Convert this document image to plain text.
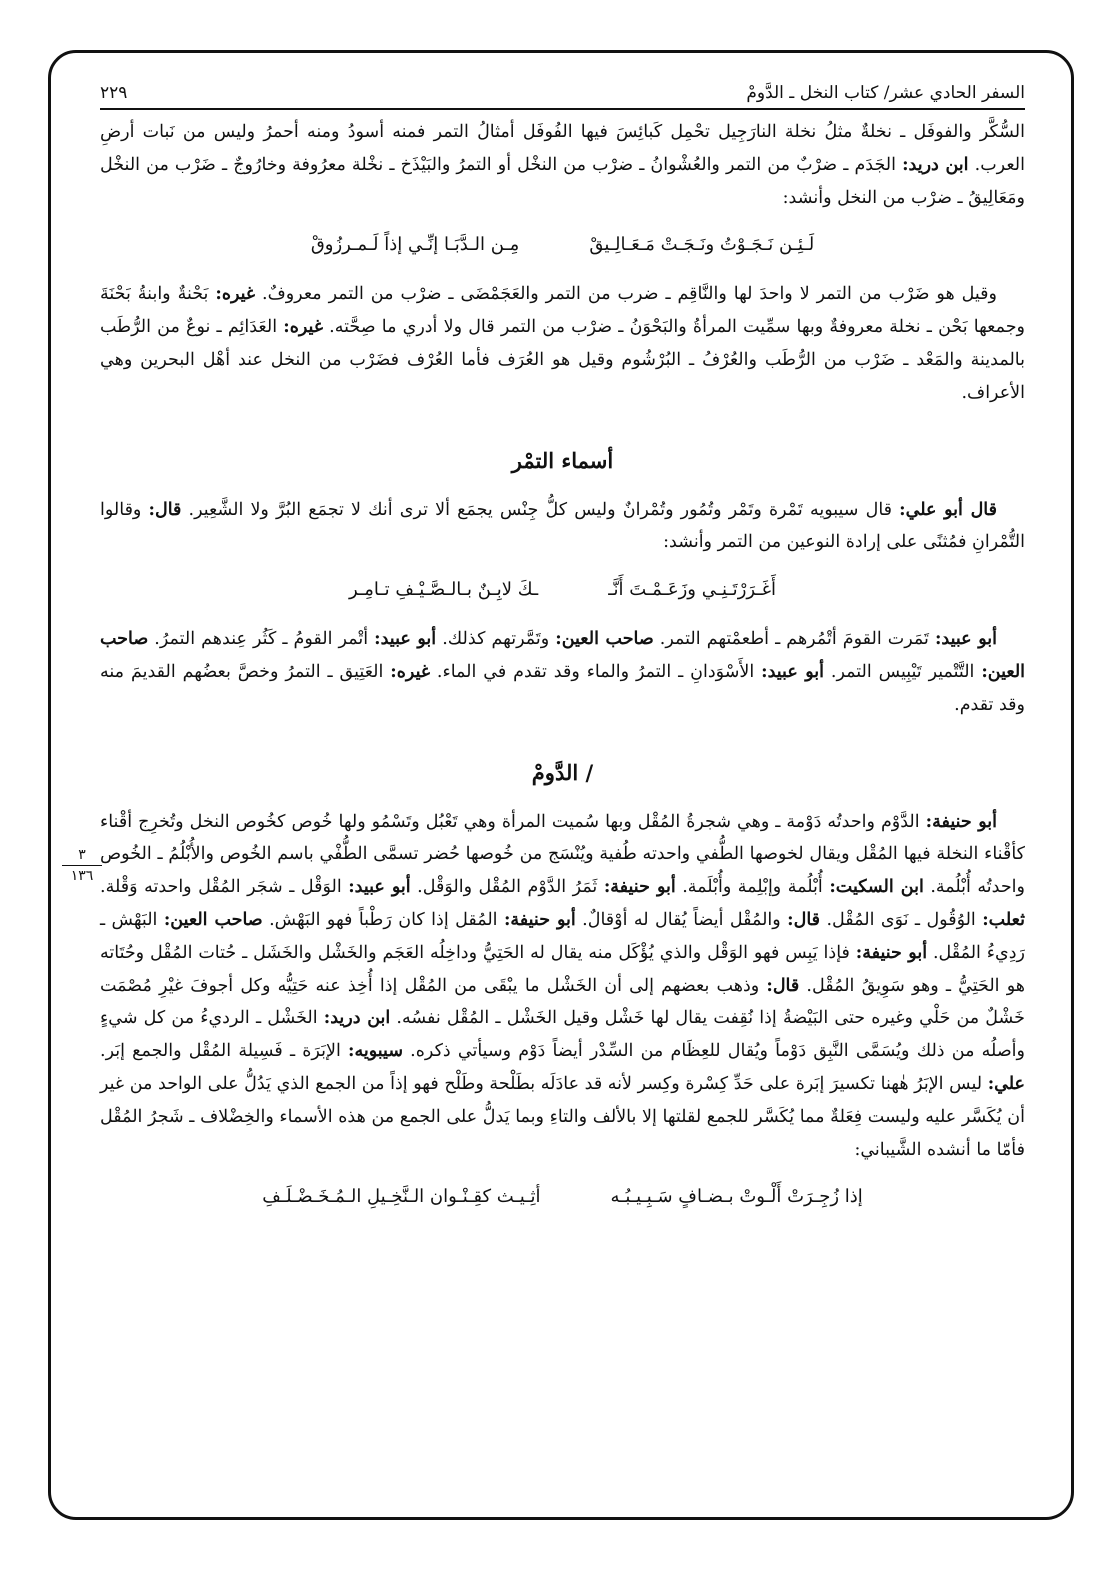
٣
١٣٦
السفر الحادي عشر/ كتاب النخل ـ الدَّومْ
٢٢٩

السُّكَّر والفوفَل ـ نخلةٌ مثلُ نخلة النارَجِيل تحْمِل كَبائِسَ فيها الفُوفَل أمثالُ التمر فمنه أسودُ ومنه أحمرُ وليس من نَبات أرضِ العرب. ابن دريد: الجَدَم ـ ضرْبٌ من التمر والعُشْوانُ ـ ضرْب من النخْل أو التمرُ والبَيْذَخ ـ نخْلة معرُوفة وخارُوجٌ ـ ضَرْب من النخْل ومَعَالِيقُ ـ ضرْب من النخل وأنشد:

لَـئِـن نَـجَـوْتُ ونَـجَـتْ مَـعَـالِـيقْ
مِـن الـدَّبَـا إنِّـي إذاً لَـمـرزُوقْ

وقيل هو ضَرْب من التمر لا واحدَ لها والنَّاقِم ـ ضرب من التمر والعَجَمْضَى ـ ضرْب من التمر معروفٌ. غيره: بَحْنةٌ وابنةُ بَحْنَةَ وجمعها بَحْن ـ نخلة معروفةٌ وبها سمِّيت المرأةُ والبَحْوَنُ ـ ضرْب من التمر قال ولا أدري ما صِحَّته. غيره: العَدَائِم ـ نوعٌ من الرُّطَب بالمدينة والمَعْد ـ ضَرْب من الرُّطَب والعُرْفُ ـ البُرْشُوم وقيل هو العُرَف فأما العُرْف فضَرْب من النخل عند أهْل البحرين وهي الأعراف.

أسماء التمْر

قال أبو علي: قال سيبويه تَمْرة وتَمْر وتُمُور وتُمْرانٌ وليس كلُّ جِنْس يجمَع ألا ترى أنك لا تجمَع البُرَّ ولا الشَّعِير. قال: وقالوا التُّمْرانِ فمُثنًى على إرادة النوعين من التمر وأنشد:

أَغَـرَرْتَـنِـي وزَعَـمْـتَ أَنَّـ
ـكَ لابِـنٌ بـالـصَّـيْـفِ تـامِـر

أبو عبيد: تَمَرت القومَ أتْمُرهم ـ أطعمْتهم التمر. صاحب العين: وتَمَّرتهم كذلك. أبو عبيد: أتْمر القومُ ـ كَثُر عِندهم التمرُ. صاحب العين: التَّتْمير تَيْبِيس التمر. أبو عبيد: الأَسْوَدانِ ـ التمرُ والماء وقد تقدم في الماء. غيره: العَتِيق ـ التمرُ وخصَّ بعضُهم القديمَ منه وقد تقدم.

/ الدَّومْ

أبو حنيفة: الدَّوْم واحدتُه دَوْمة ـ وهي شجرةُ المُقْل وبها سُميت المرأة وهي تَعْبُل وتَسْمُو ولها خُوص كخُوص النخل وتُخرِج أقْناء كأقْناء النخلة فيها المُقْل ويقال لخوصها الطُّفي واحدته طُفية ويُنْسَج من خُوصها حُضر تسمَّى الطُّفْي باسم الخُوص والأُبْلُمُ ـ الخُوص واحدتُه أُبْلُمة. ابن السكيت: أُبْلُمة وإبْلِمة وأُبْلَمة. أبو حنيفة: ثَمَرُ الدَّوْم المُقْل والوَقْل. أبو عبيد: الوَقْل ـ شجَر المُقْل واحدته وَقْلة. ثعلب: الوُقُول ـ نَوَى المُقْل. قال: والمُقْل أيضاً يُقال له أوْقالٌ. أبو حنيفة: المُقل إذا كان رَطْباً فهو البَهْش. صاحب العين: البَهْش ـ رَدِيءُ المُقْل. أبو حنيفة: فإذا يَبِس فهو الوَقْل والذي يُؤْكَل منه يقال له الحَتِيُّ وداخِلُه العَجَم والخَشْل والخَشَل ـ حُتات المُقْل وحُتَاته هو الحَتِيُّ ـ وهو سَوِيقُ المُقْل. قال: وذهب بعضهم إلى أن الخَشْل ما يبْقَى من المُقْل إذا أُخِذ عنه حَتِيُّه وكل أجوفَ غيْرِ مُصْمَت خَشْلٌ من حَلْي وغيره حتى البَيْضةُ إذا نُقِفت يقال لها خَشْل وقيل الخَشْل ـ المُقْل نفسُه. ابن دريد: الخَشْل ـ الرديءُ من كل شيءٍ وأصلُه من ذلك ويُسَمَّى النَّبِق دَوْماً ويُقال للعِظَام من السِّدْر أيضاً دَوْم وسيأتي ذكره. سيبويه: الإبَرَة ـ فَسِيلة المُقْل والجمع إبَر. علي: ليس الإبَرُ هٰهنا تكسيرَ إبَرة على حَدِّ كِسْرة وكِسر لأنه قد عادَلَه بطَلْحة وطَلْح فهو إذاً من الجمع الذي يَدُلُّ على الواحد من غير أن يُكَسَّر عليه وليست فِعَلةٌ مما يُكَسَّر للجمع لقلتها إلا بالألف والتاءِ وبما يَدلُّ على الجمع من هذه الأسماء والخِضْلاف ـ شَجرُ المُقْل فأمّا ما أنشده الشَّيباني:

إذا زُجِـرَتْ أَلْـوتْ بـضـافٍ سَـبِـيـبُـه
أثِـيـث كقِـنْـوان الـنَّخِـيلِ الـمُـخَـضْـلَـفِ
